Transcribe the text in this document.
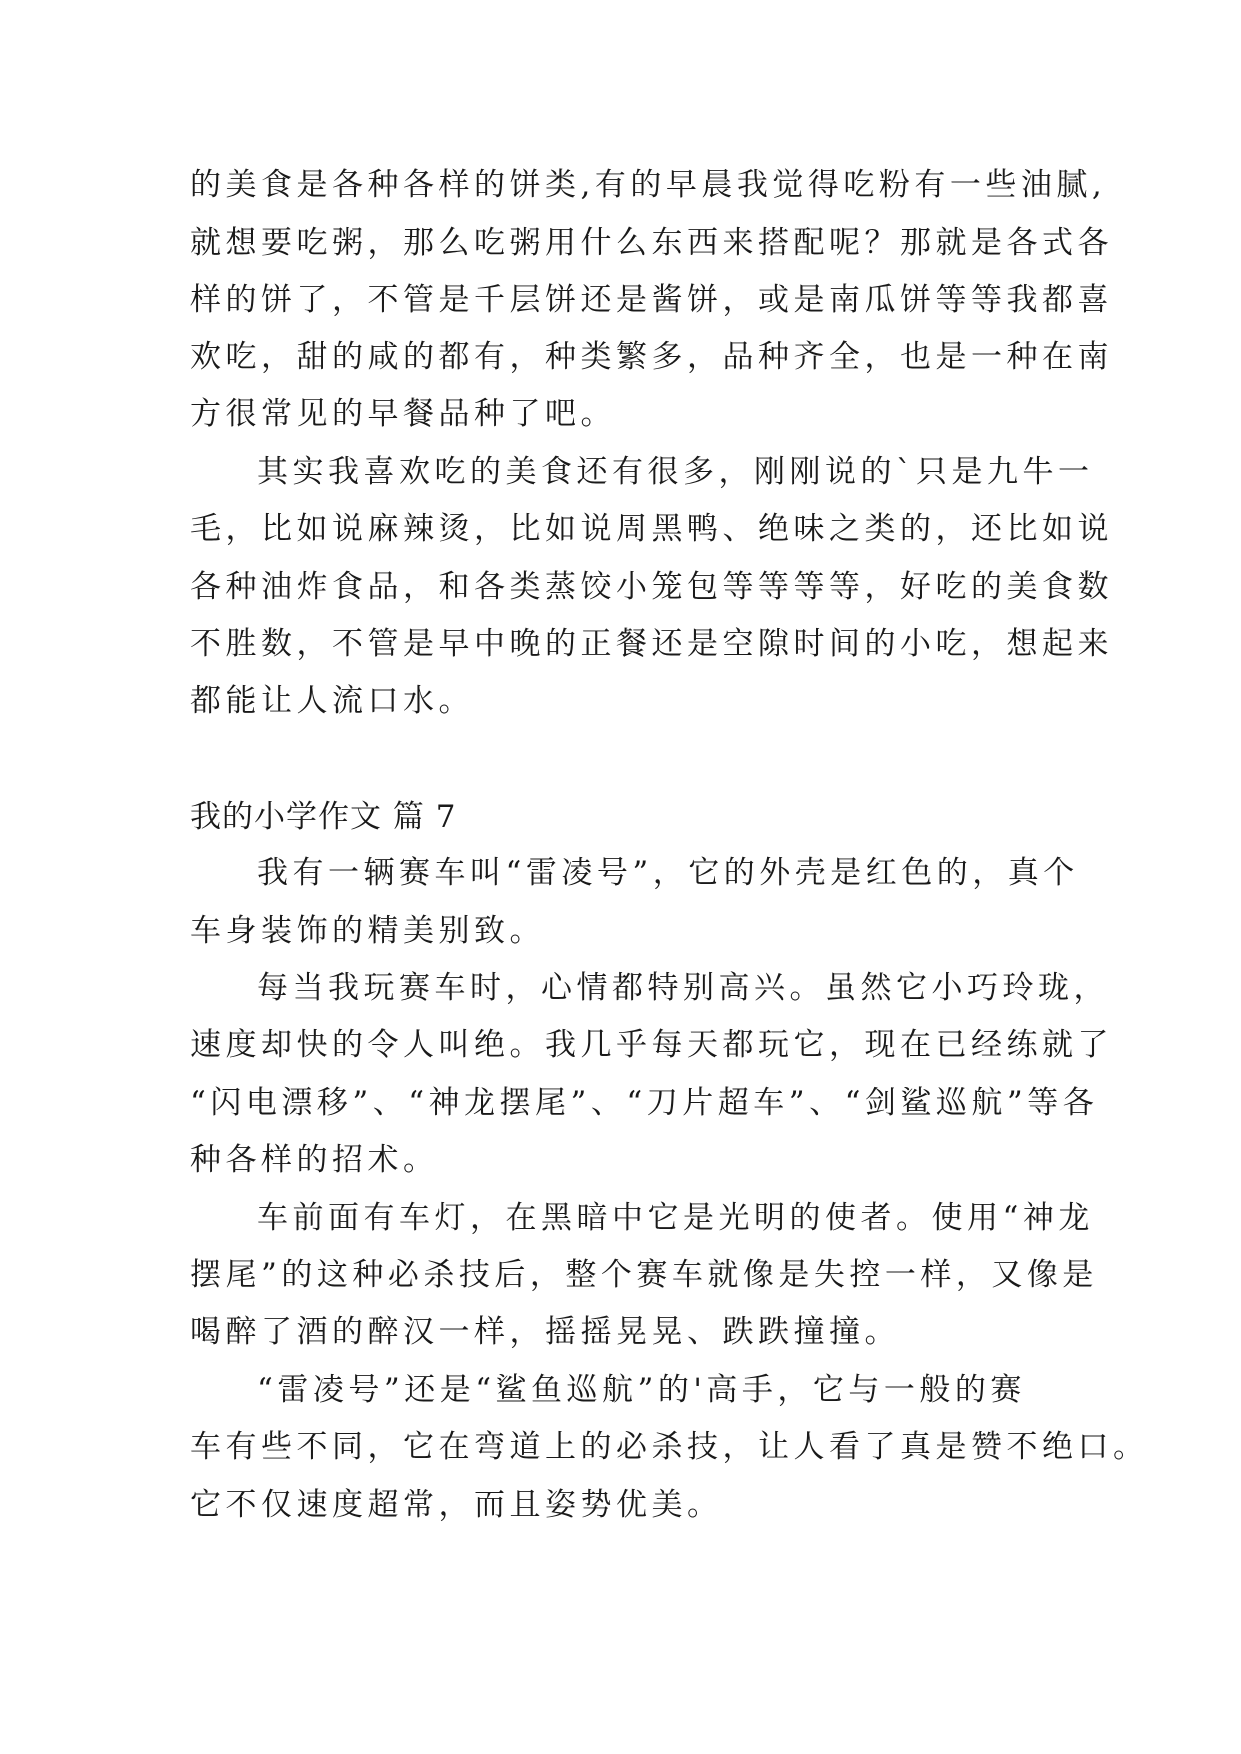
的美食是各种各样的饼类,有的早晨我觉得吃粉有一些油腻,
就想要吃粥，那么吃粥用什么东西来搭配呢？那就是各式各
样的饼了，不管是千层饼还是酱饼，或是南瓜饼等等我都喜
欢吃，甜的咸的都有，种类繁多，品种齐全，也是一种在南
方很常见的早餐品种了吧。
其实我喜欢吃的美食还有很多，刚刚说的`只是九牛一
毛，比如说麻辣烫，比如说周黑鸭、绝味之类的，还比如说
各种油炸食品，和各类蒸饺小笼包等等等等，好吃的美食数
不胜数，不管是早中晚的正餐还是空隙时间的小吃，想起来
都能让人流口水。
我的小学作文 篇 7
我有一辆赛车叫“雷凌号”，它的外壳是红色的，真个
车身装饰的精美别致。
每当我玩赛车时，心情都特别高兴。虽然它小巧玲珑，
速度却快的令人叫绝。我几乎每天都玩它，现在已经练就了
“闪电漂移”、“神龙摆尾”、“刀片超车”、“剑鲨巡航”等各
种各样的招术。
车前面有车灯，在黑暗中它是光明的使者。使用“神龙
摆尾”的这种必杀技后，整个赛车就像是失控一样，又像是
喝醉了酒的醉汉一样，摇摇晃晃、跌跌撞撞。
“雷凌号”还是“鲨鱼巡航”的'高手，它与一般的赛
车有些不同，它在弯道上的必杀技，让人看了真是赞不绝口。
它不仅速度超常，而且姿势优美。
